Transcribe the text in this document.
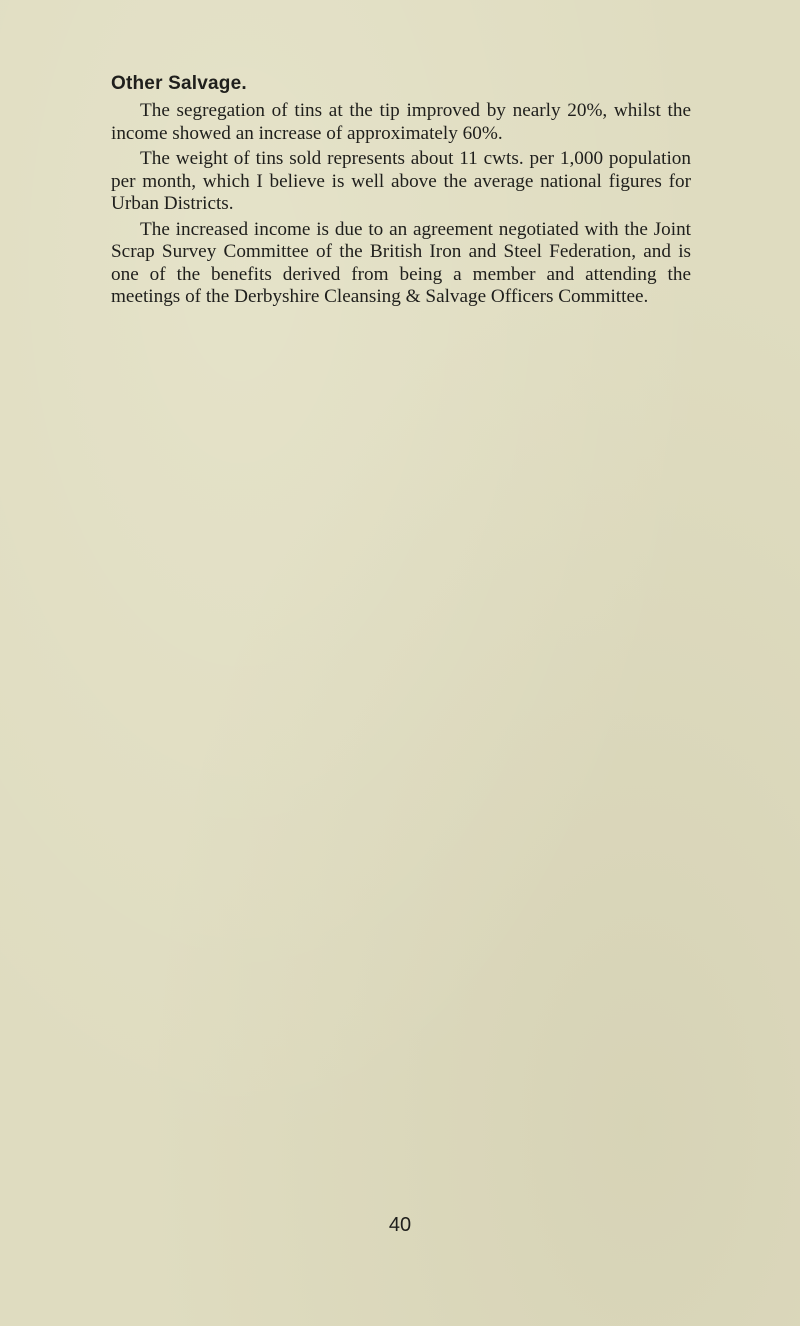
Other Salvage.

The segregation of tins at the tip improved by nearly 20%, whilst the income showed an increase of approximately 60%.

The weight of tins sold represents about 11 cwts. per 1,000 population per month, which I believe is well above the average national figures for Urban Districts.

The increased income is due to an agreement negotiated with the Joint Scrap Survey Committee of the British Iron and Steel Federation, and is one of the benefits derived from being a member and attending the meetings of the Derbyshire Cleansing & Salvage Officers Committee.

40
